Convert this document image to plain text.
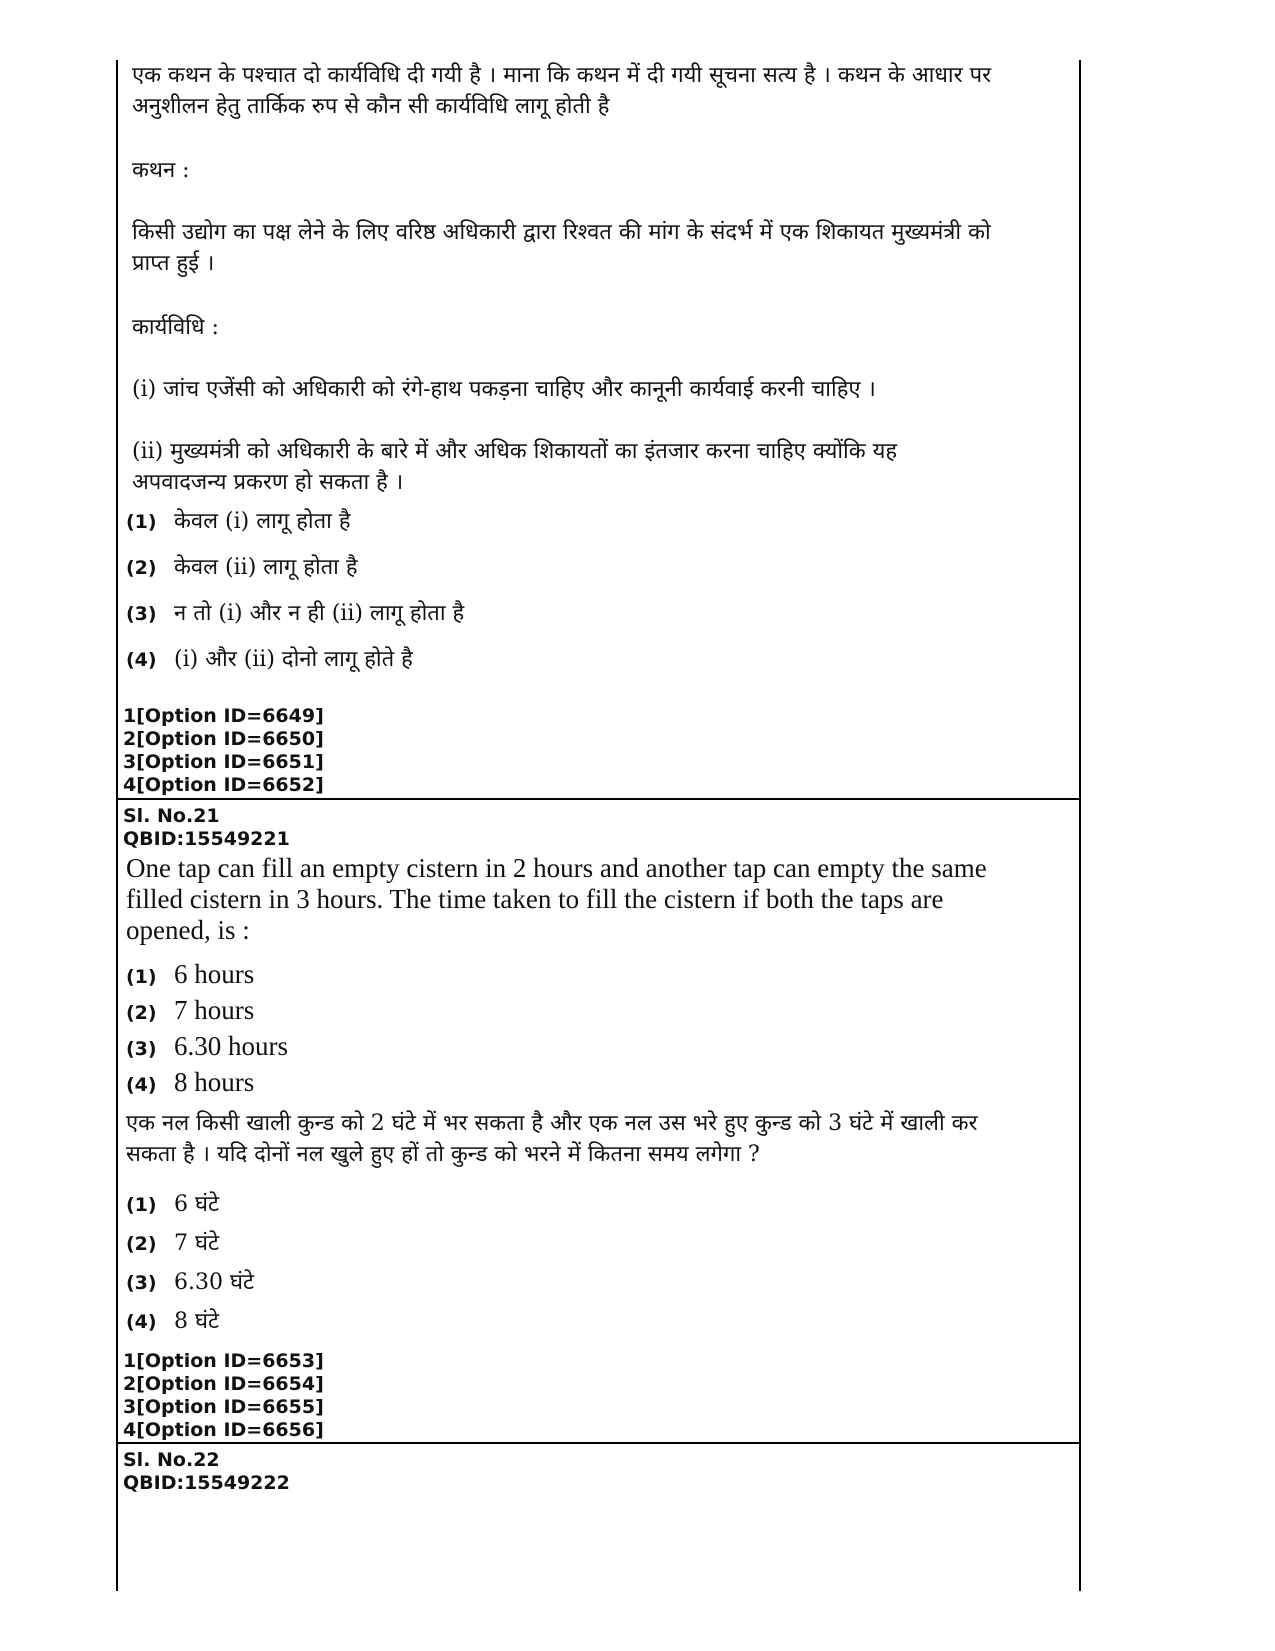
एक कथन के पश्चात दो कार्यविधि दी गयी है । माना कि कथन में दी गयी सूचना सत्य है । कथन के आधार पर अनुशीलन हेतु तार्किक रुप से कौन सी कार्यविधि लागू होती है

कथन :

किसी उद्योग का पक्ष लेने के लिए वरिष्ठ अधिकारी द्वारा रिश्वत की मांग के संदर्भ में एक शिकायत मुख्यमंत्री को प्राप्त हुई ।

कार्यविधि :

(i) जांच एजेंसी को अधिकारी को रंगे-हाथ पकड़ना चाहिए और कानूनी कार्यवाई करनी चाहिए ।

(ii) मुख्यमंत्री को अधिकारी के बारे में और अधिक शिकायतों का इंतजार करना चाहिए क्योंकि यह अपवादजन्य प्रकरण हो सकता है ।

(1) केवल (i) लागू होता है
(2) केवल (ii) लागू होता है
(3) न तो (i) और न ही (ii) लागू होता है
(4) (i) और (ii) दोनो लागू होते है

1[Option ID=6649]

2[Option ID=6650]

3[Option ID=6651]

4[Option ID=6652]

Sl. No.21

QBID:15549221

One tap can fill an empty cistern in 2 hours and another tap can empty the same filled cistern in 3 hours. The time taken to fill the cistern if both the taps are opened, is :

(1) 6 hours
(2) 7 hours
(3) 6.30 hours
(4) 8 hours

एक नल किसी खाली कुन्ड को 2 घंटे में भर सकता है और एक नल उस भरे हुए कुन्ड को 3 घंटे में खाली कर सकता है । यदि दोनों नल खुले हुए हों तो कुन्ड को भरने में कितना समय लगेगा ?

(1) 6 घंटे
(2) 7 घंटे
(3) 6.30 घंटे
(4) 8 घंटे

1[Option ID=6653]

2[Option ID=6654]

3[Option ID=6655]

4[Option ID=6656]

Sl. No.22

QBID:15549222
